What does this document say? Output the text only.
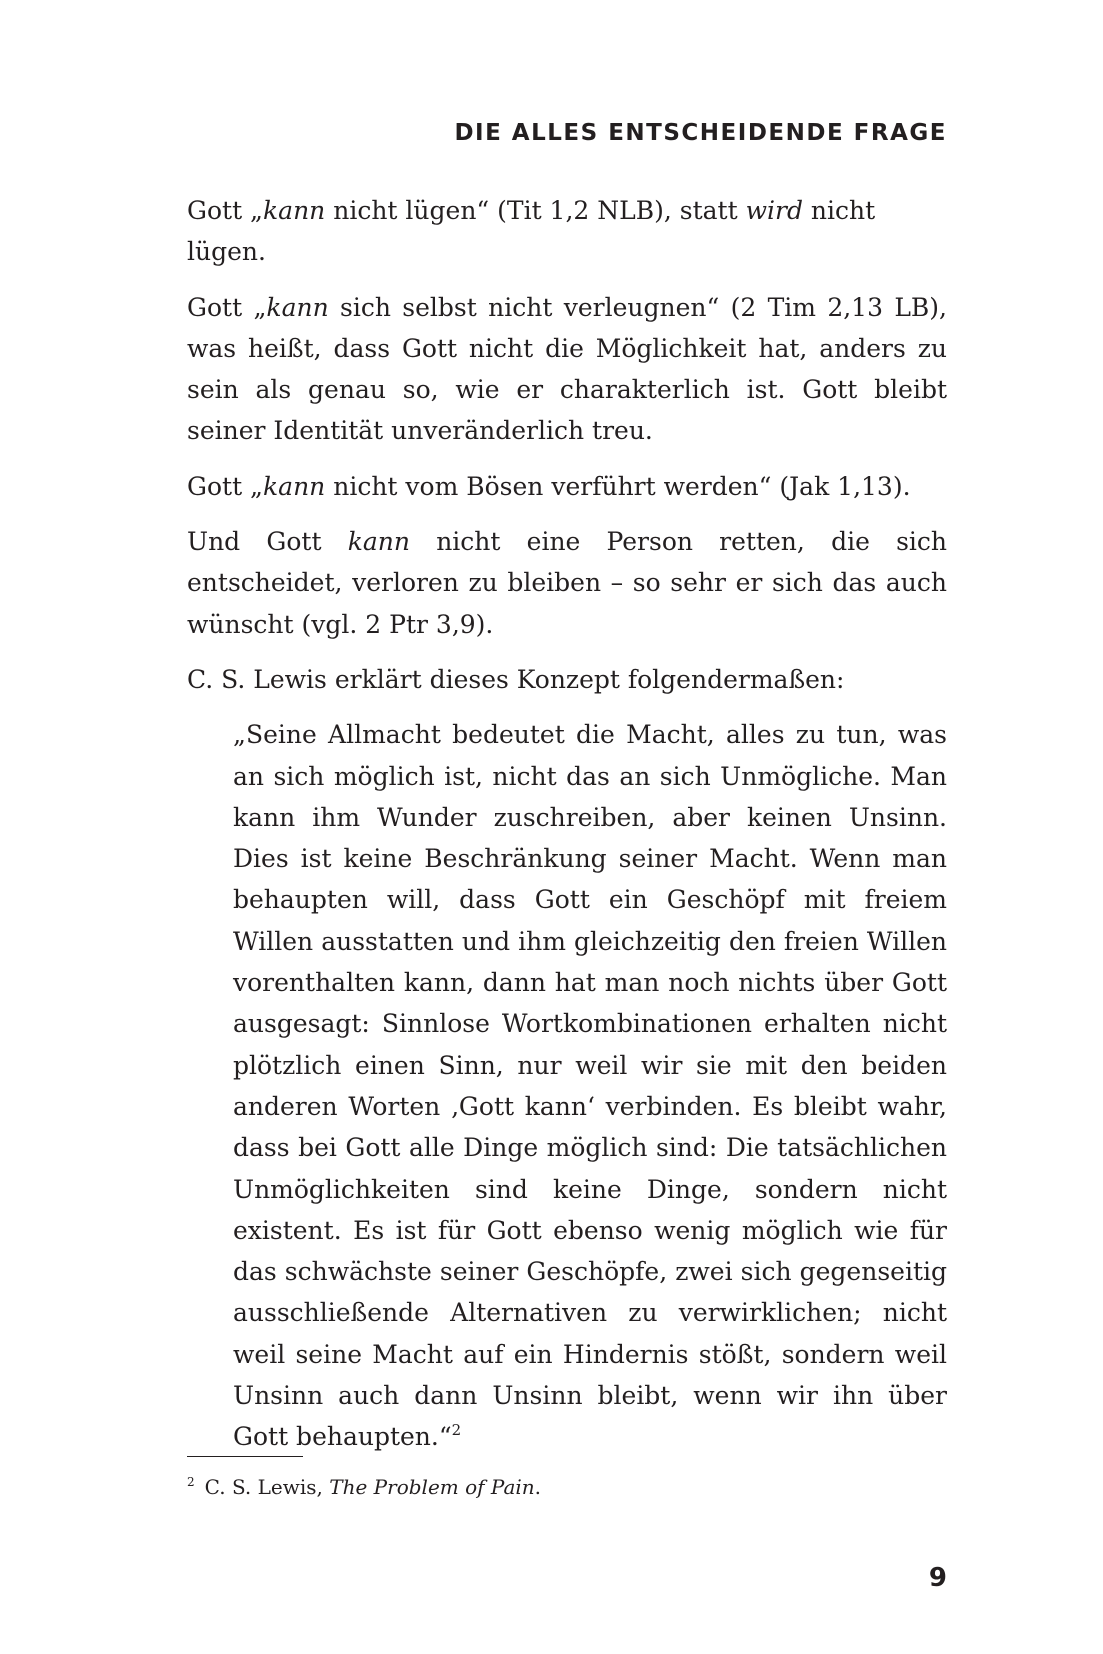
DIE ALLES ENTSCHEIDENDE FRAGE

Gott „kann nicht lügen“ (Tit 1,2 NLB), statt wird nicht lügen.

Gott „kann sich selbst nicht verleugnen“ (2 Tim 2,13 LB), was heißt, dass Gott nicht die Möglichkeit hat, anders zu sein als genau so, wie er charakterlich ist. Gott bleibt seiner Identität unveränderlich treu.

Gott „kann nicht vom Bösen verführt werden“ (Jak 1,13).

Und Gott kann nicht eine Person retten, die sich entscheidet, verloren zu bleiben – so sehr er sich das auch wünscht (vgl. 2 Ptr 3,9).

C. S. Lewis erklärt dieses Konzept folgendermaßen:

„Seine Allmacht bedeutet die Macht, alles zu tun, was an sich möglich ist, nicht das an sich Unmögliche. Man kann ihm Wunder zuschreiben, aber keinen Unsinn. Dies ist keine Beschränkung seiner Macht. Wenn man behaupten will, dass Gott ein Geschöpf mit freiem Willen ausstatten und ihm gleichzeitig den freien Willen vorenthalten kann, dann hat man noch nichts über Gott ausgesagt: Sinnlose Wortkombinationen erhalten nicht plötzlich einen Sinn, nur weil wir sie mit den beiden anderen Worten ‚Gott kann‘ verbinden. Es bleibt wahr, dass bei Gott alle Dinge möglich sind: Die tatsächlichen Unmöglichkeiten sind keine Dinge, sondern nicht existent. Es ist für Gott ebenso wenig möglich wie für das schwächste seiner Geschöpfe, zwei sich gegenseitig ausschließende Alternativen zu verwirklichen; nicht weil seine Macht auf ein Hindernis stößt, sondern weil Unsinn auch dann Unsinn bleibt, wenn wir ihn über Gott behaupten.“$^2$
$^2$ C. S. Lewis, The Problem of Pain.
9
